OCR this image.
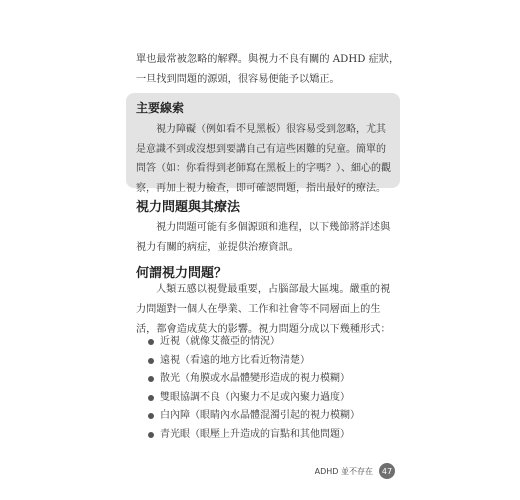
單也最常被忽略的解釋。與視力不良有關的 ADHD 症狀，一旦找到問題的源頭，很容易便能予以矯正。

主要線索

視力障礙（例如看不見黑板）很容易受到忽略，尤其是意識不到或沒想到要講自己有這些困難的兒童。簡單的問答（如：你看得到老師寫在黑板上的字嗎？）、細心的觀察，再加上視力檢查，即可確認問題，指出最好的療法。

視力問題與其療法

視力問題可能有多個源頭和進程，以下幾節將詳述與視力有關的病症，並提供治療資訊。

何謂視力問題？

人類五感以視覺最重要，占腦部最大區塊。嚴重的視力問題對一個人在學業、工作和社會等不同層面上的生活，都會造成莫大的影響。視力問題分成以下幾種形式：

近視（就像艾薇亞的情況）
遠視（看遠的地方比看近物清楚）
散光（角膜或水晶體變形造成的視力模糊）
雙眼協調不良（內聚力不足或內聚力過度）
白內障（眼睛內水晶體混濁引起的視力模糊）
青光眼（眼壓上升造成的盲點和其他問題）
ADHD 並不存在	47
